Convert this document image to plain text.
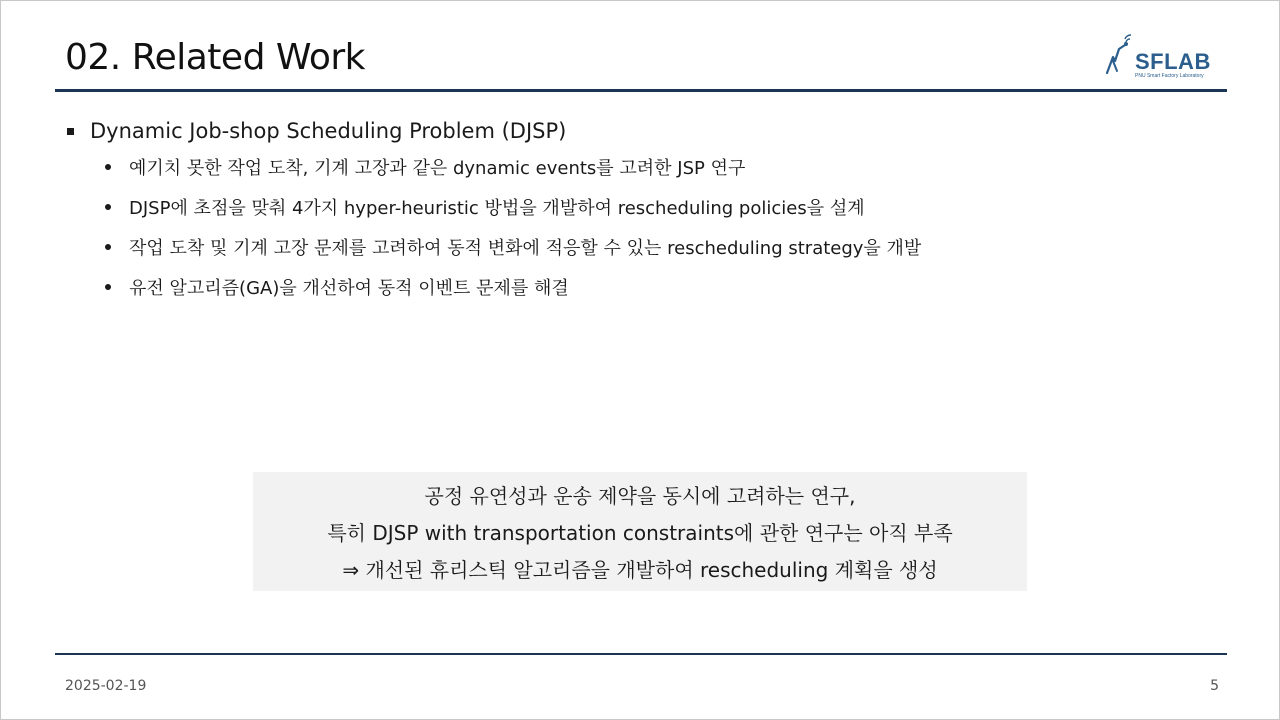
02. Related Work	SFLAB
PNU Smart Factory Laboratory
Dynamic Job-shop Scheduling Problem (DJSP)
예기치 못한 작업 도착, 기계 고장과 같은 dynamic events를 고려한 JSP 연구
DJSP에 초점을 맞춰 4가지 hyper-heuristic 방법을 개발하여 rescheduling policies을 설계
작업 도착 및 기계 고장 문제를 고려하여 동적 변화에 적응할 수 있는 rescheduling strategy을 개발
유전 알고리즘(GA)을 개선하여 동적 이벤트 문제를 해결
공정 유연성과 운송 제약을 동시에 고려하는 연구,
특히 DJSP with transportation constraints에 관한 연구는 아직 부족
⇒ 개선된 휴리스틱 알고리즘을 개발하여 rescheduling 계획을 생성
2025-02-19	5
